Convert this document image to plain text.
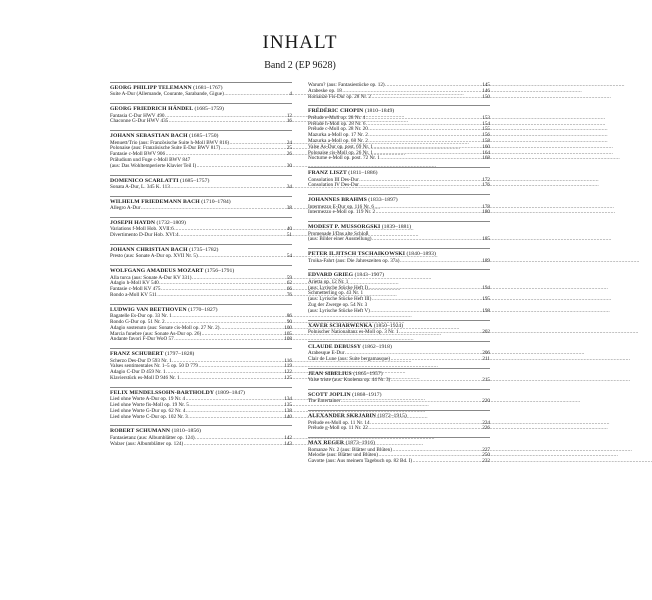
INHALT
Band 2 (EP 9628)
GEORG PHILIPP TELEMANN (1681–1767)
Suite A-Dur (Allemande, Courante, Sarabande, Gigue) .....	4
GEORG FRIEDRICH HÄNDEL (1685–1759)
Fantasia C-Dur HWV 490 .....	12
Chaconne G-Dur HWV 435 .....	16
JOHANN SEBASTIAN BACH (1685–1750)
Menuett/Trio (aus: Französische Suite h-Moll BWV 816) .....	24
Polonaise (aus: Französische Suite E-Dur BWV 817) .....	25
Fantasie c-Moll BWV 906 .....	26
Präludium und Fuge c-Moll BWV 847
(aus: Das Wohltemperierte Klavier Teil I) .....	30
DOMENICO SCARLATTI (1685–1757)
Sonata A-Dur, L. 345 K. 113 .....	34
WILHELM FRIEDEMANN BACH (1710–1784)
Allegro A-Dur .....	38
JOSEPH HAYDN (1732–1809)
Variations f-Moll Hob. XVII:6 .....	40
Divertimento D-Dur Hob. XVI:4 .....	51
JOHANN CHRISTIAN BACH (1735–1782)
Presto (aus: Sonate A-Dur op. XVII Nr. 5) .....	54
WOLFGANG AMADEUS MOZART (1756–1791)
Alla turca (aus: Sonate A-Dur KV 331) .....	59
Adagio h-Moll KV 540 .....	62
Fantasie c-Moll KV 475 .....	66
Rondo a-Moll KV 511 .....	76
LUDWIG VAN BEETHOVEN (1770–1827)
Bagatelle Es-Dur op. 33 Nr. 1 .....	86
Rondo G-Dur op. 51 Nr. 2 .....	90
Adagio sostenuto (aus: Sonate cis-Moll op. 27 Nr. 2) .....	100
Marcia funebre (aus: Sonate As-Dur op. 26) .....	105
Andante favori F-Dur WoO 57 .....	108
FRANZ SCHUBERT (1797–1828)
Scherzo Des-Dur D 593 Nr. 1 .....	116
Valses sentimentales Nr. 1–5 op. 50 D 779 .....	119
Adagio C-Dur D 459 Nr. 1 .....	122
Klavierstück es-Moll D 946 Nr. 1 .....	125
FELIX MENDELSSOHN-BARTHOLDY (1809–1847)
Lied ohne Worte A-Dur op. 19 Nr. 4 .....	134
Lied ohne Worte fis-Moll op. 19 Nr. 5 .....	135
Lied ohne Worte G-Dur op. 62 Nr. 4 .....	138
Lied ohne Worte C-Dur op. 102 Nr. 3 .....	140
ROBERT SCHUMANN (1810–1856)
Fantasietanz (aus: Albumblätter op. 124) .....	142
Walzer (aus: Albumblätter op. 124) .....	143
Warum? (aus: Fantasiestücke op. 12) .....	145
Arabeske op. 18 .....	146
Romanze Fis-Dur op. 28 Nr. 2 .....	150
FRÉDÉRIC CHOPIN (1810–1849)
Prélude e-Moll op. 28 Nr. 4 .....	153
Prélude h-Moll op. 28 Nr. 6 .....	154
Prélude c-Moll op. 28 Nr. 20 .....	155
Mazurka a-Moll op. 17 Nr. 2 .....	156
Mazurka a-Moll op. 68 Nr. 2 .....	158
Valse As-Dur op. post. 69 Nr. 1 .....	160
Polonaise cis-Moll op. 26 Nr. 1 .....	164
Nocturne e-Moll op. post. 72 Nr. 1 .....	168
FRANZ LISZT (1811–1886)
Consolation III Des-Dur .....	172
Consolation IV Des-Dur .....	176
JOHANNES BRAHMS (1833–1897)
Intermezzo E-Dur op. 116 Nr. 6 .....	178
Intermezzo e-Moll op. 119 Nr. 2 .....	180
MODEST P. MUSSORGSKI (1839–1881)
Promenade I/Das alte Schloß
(aus: Bilder einer Ausstellung) .....	185
PETER ILJITSCH TSCHAIKOWSKI (1840–1893)
Troika-Fahrt (aus: Die Jahreszeiten op. 37a) .....	189
EDVARD GRIEG (1843–1907)
Arietta op. 12 Nr. 1
(aus: Lyrische Stücke Heft I) .....	194
Schmetterling op. 43 Nr. 1
(aus: Lyrische Stücke Heft III) .....	195
Zug der Zwerge op. 54 Nr. 3
(aus: Lyrische Stücke Heft V) .....	198
XAVER SCHARWENKA (1850–1924)
Polnischer Nationaltanz es-Moll op. 3 Nr. 1 .....	202
CLAUDE DEBUSSY (1862–1918)
Arabesque E-Dur .....	206
Clair de Lune (aus: Suite bergamasque) .....	211
JEAN SIBELIUS (1865–1957)
Valse triste (aus: Kuolema op. 44 Nr. 3) .....	215
SCOTT JOPLIN (1868–1917)
The Entertainer .....	220
ALEXANDER SKRJABIN (1872–1915)
Prélude es-Moll op. 11 Nr. 14 .....	224
Prélude g-Moll op. 11 Nr. 22 .....	226
MAX REGER (1873–1916)
Romanze Nr. 2 (aus: Blätter und Blüten) .....	227
Melodie (aus: Blätter und Blüten) .....	250
Gavotte (aus: Aus meinem Tagebuch op. 82 Bd. I) .....	232
